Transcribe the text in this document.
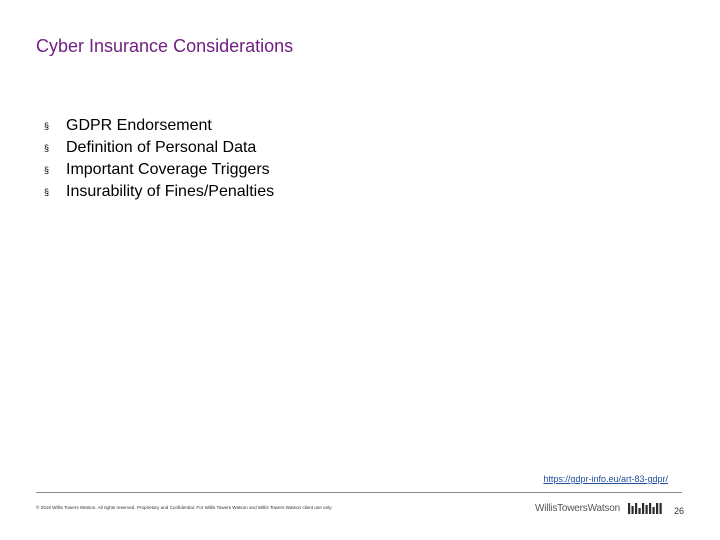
Cyber Insurance Considerations
§	GDPR Endorsement
§	Definition of Personal Data
§	Important Coverage Triggers
§	Insurability of Fines/Penalties
https://gdpr-info.eu/art-83-gdpr/
© 2018 Willis Towers Watson. All rights reserved. Proprietary and Confidential. For Willis Towers Watson and Willis Towers Watson client use only.	WillisTowersWatson	26
